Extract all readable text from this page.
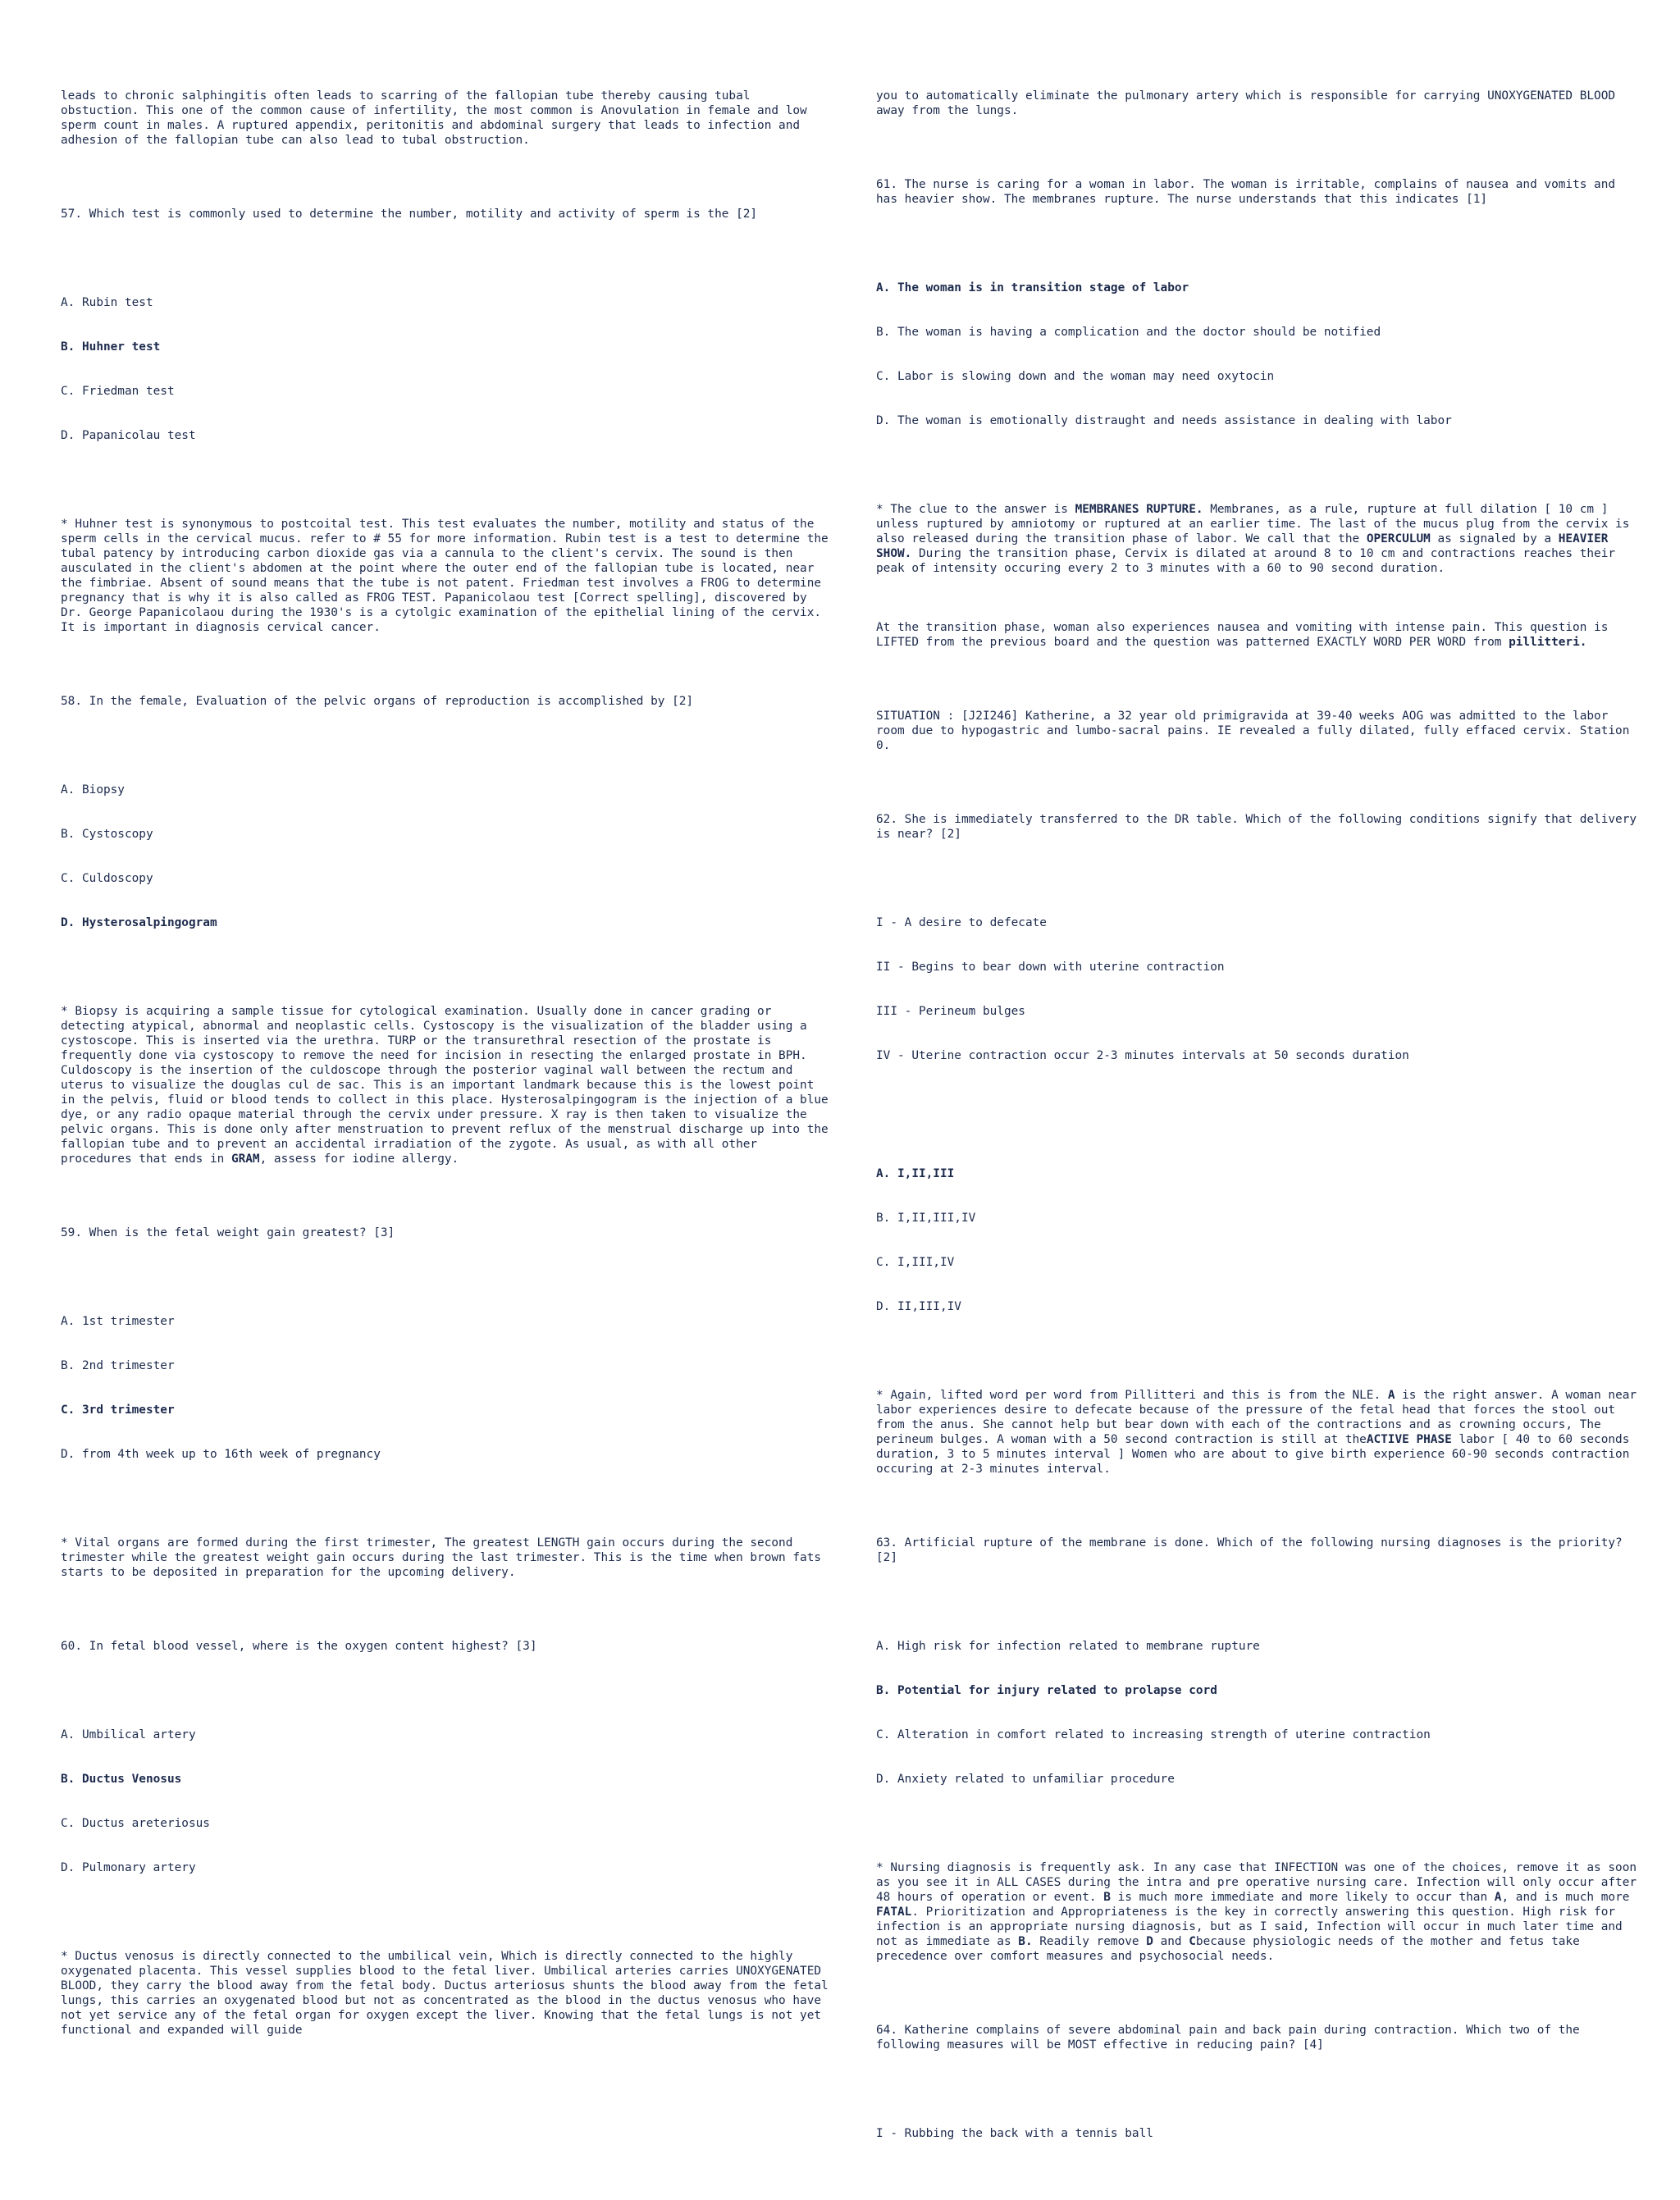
leads to chronic salphingitis often leads to scarring of the fallopian tube thereby causing tubal obstuction. This one of the common cause of infertility, the most common is Anovulation in female and low sperm count in males. A ruptured appendix, peritonitis and abdominal surgery that leads to infection and adhesion of the fallopian tube can also lead to tubal obstruction.

57. Which test is commonly used to determine the number, motility and activity of sperm is the [2]

A. Rubin test

B. Huhner test

C. Friedman test

D. Papanicolau test

* Huhner test is synonymous to postcoital test. This test evaluates the number, motility and status of the sperm cells in the cervical mucus. refer to # 55 for more information. Rubin test is a test to determine the tubal patency by introducing carbon dioxide gas via a cannula to the client's cervix. The sound is then ausculated in the client's abdomen at the point where the outer end of the fallopian tube is located, near the fimbriae. Absent of sound means that the tube is not patent. Friedman test involves a FROG to determine pregnancy that is why it is also called as FROG TEST. Papanicolaou test [Correct spelling], discovered by Dr. George Papanicolaou during the 1930's is a cytolgic examination of the epithelial lining of the cervix. It is important in diagnosis cervical cancer.

58. In the female, Evaluation of the pelvic organs of reproduction is accomplished by [2]

A. Biopsy

B. Cystoscopy

C. Culdoscopy

D. Hysterosalpingogram

* Biopsy is acquiring a sample tissue for cytological examination. Usually done in cancer grading or detecting atypical, abnormal and neoplastic cells. Cystoscopy is the visualization of the bladder using a cystoscope. This is inserted via the urethra. TURP or the transurethral resection of the prostate is frequently done via cystoscopy to remove the need for incision in resecting the enlarged prostate in BPH. Culdoscopy is the insertion of the culdoscope through the posterior vaginal wall between the rectum and uterus to visualize the douglas cul de sac. This is an important landmark because this is the lowest point in the pelvis, fluid or blood tends to collect in this place. Hysterosalpingogram is the injection of a blue dye, or any radio opaque material through the cervix under pressure. X ray is then taken to visualize the pelvic organs. This is done only after menstruation to prevent reflux of the menstrual discharge up into the fallopian tube and to prevent an accidental irradiation of the zygote. As usual, as with all other procedures that ends in GRAM, assess for iodine allergy.

59. When is the fetal weight gain greatest? [3]

A. 1st trimester

B. 2nd trimester

C. 3rd trimester

D. from 4th week up to 16th week of pregnancy

* Vital organs are formed during the first trimester, The greatest LENGTH gain occurs during the second trimester while the greatest weight gain occurs during the last trimester. This is the time when brown fats starts to be deposited in preparation for the upcoming delivery.

60. In fetal blood vessel, where is the oxygen content highest? [3]

A. Umbilical artery

B. Ductus Venosus

C. Ductus areteriosus

D. Pulmonary artery

* Ductus venosus is directly connected to the umbilical vein, Which is directly connected to the highly oxygenated placenta. This vessel supplies blood to the fetal liver. Umbilical arteries carries UNOXYGENATED BLOOD, they carry the blood away from the fetal body. Ductus arteriosus shunts the blood away from the fetal lungs, this carries an oxygenated blood but not as concentrated as the blood in the ductus venosus who have not yet service any of the fetal organ for oxygen except the liver. Knowing that the fetal lungs is not yet functional and expanded will guide

you to automatically eliminate the pulmonary artery which is responsible for carrying UNOXYGENATED BLOOD away from the lungs.

61. The nurse is caring for a woman in labor. The woman is irritable, complains of nausea and vomits and has heavier show. The membranes rupture. The nurse understands that this indicates [1]

A. The woman is in transition stage of labor

B. The woman is having a complication and the doctor should be notified

C. Labor is slowing down and the woman may need oxytocin

D. The woman is emotionally distraught and needs assistance in dealing with labor

* The clue to the answer is MEMBRANES RUPTURE. Membranes, as a rule, rupture at full dilation [ 10 cm ] unless ruptured by amniotomy or ruptured at an earlier time. The last of the mucus plug from the cervix is also released during the transition phase of labor. We call that the OPERCULUM as signaled by a HEAVIER SHOW. During the transition phase, Cervix is dilated at around 8 to 10 cm and contractions reaches their peak of intensity occuring every 2 to 3 minutes with a 60 to 90 second duration.

At the transition phase, woman also experiences nausea and vomiting with intense pain. This question is LIFTED from the previous board and the question was patterned EXACTLY WORD PER WORD from pillitteri.

SITUATION : [J2I246] Katherine, a 32 year old primigravida at 39-40 weeks AOG was admitted to the labor room due to hypogastric and lumbo-sacral pains. IE revealed a fully dilated, fully effaced cervix. Station 0.

62. She is immediately transferred to the DR table. Which of the following conditions signify that delivery is near? [2]

I - A desire to defecate

II - Begins to bear down with uterine contraction

III - Perineum bulges

IV - Uterine contraction occur 2-3 minutes intervals at 50 seconds duration

A. I,II,III

B. I,II,III,IV

C. I,III,IV

D. II,III,IV

* Again, lifted word per word from Pillitteri and this is from the NLE. A is the right answer. A woman near labor experiences desire to defecate because of the pressure of the fetal head that forces the stool out from the anus. She cannot help but bear down with each of the contractions and as crowning occurs, The perineum bulges. A woman with a 50 second contraction is still at theACTIVE PHASE labor [ 40 to 60 seconds duration, 3 to 5 minutes interval ] Women who are about to give birth experience 60-90 seconds contraction occuring at 2-3 minutes interval.

63. Artificial rupture of the membrane is done. Which of the following nursing diagnoses is the priority? [2]

A. High risk for infection related to membrane rupture

B. Potential for injury related to prolapse cord

C. Alteration in comfort related to increasing strength of uterine contraction

D. Anxiety related to unfamiliar procedure

* Nursing diagnosis is frequently ask. In any case that INFECTION was one of the choices, remove it as soon as you see it in ALL CASES during the intra and pre operative nursing care. Infection will only occur after 48 hours of operation or event. B is much more immediate and more likely to occur than A, and is much more FATAL. Prioritization and Appropriateness is the key in correctly answering this question. High risk for infection is an appropriate nursing diagnosis, but as I said, Infection will occur in much later time and not as immediate as B. Readily remove D and Cbecause physiologic needs of the mother and fetus take precedence over comfort measures and psychosocial needs.

64. Katherine complains of severe abdominal pain and back pain during contraction. Which two of the following measures will be MOST effective in reducing pain? [4]

I - Rubbing the back with a tennis ball
